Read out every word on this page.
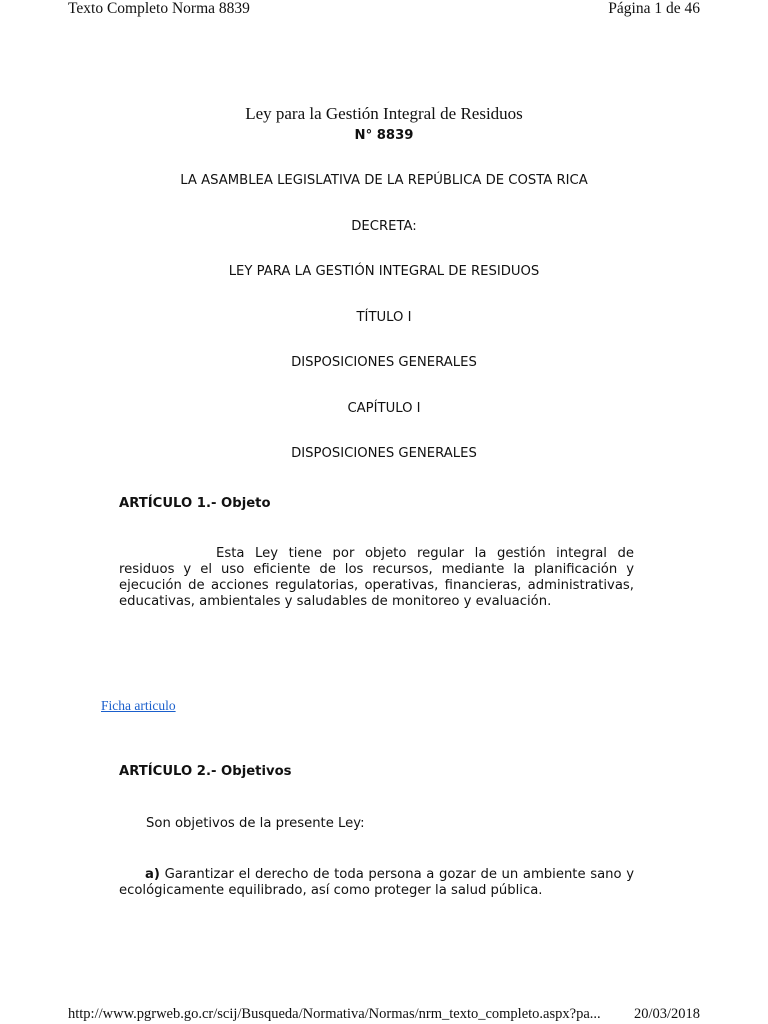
Texto Completo Norma 8839	Página 1 de 46
Ley para la Gestión Integral de Residuos
N° 8839
LA ASAMBLEA LEGISLATIVA DE LA REPÚBLICA DE COSTA RICA
DECRETA:
LEY PARA LA GESTIÓN INTEGRAL DE RESIDUOS
TÍTULO I
DISPOSICIONES GENERALES
CAPÍTULO I
DISPOSICIONES GENERALES
ARTÍCULO 1.- Objeto

Esta Ley tiene por objeto regular la gestión integral de residuos y el uso eficiente de los recursos, mediante la planificación y ejecución de acciones regulatorias, operativas, financieras, administrativas, educativas, ambientales y saludables de monitoreo y evaluación.

Ficha articulo
ARTÍCULO 2.- Objetivos

Son objetivos de la presente Ley:

a) Garantizar el derecho de toda persona a gozar de un ambiente sano y ecológicamente equilibrado, así como proteger la salud pública.

http://www.pgrweb.go.cr/scij/Busqueda/Normativa/Normas/nrm_texto_completo.aspx?pa... 20/03/2018
